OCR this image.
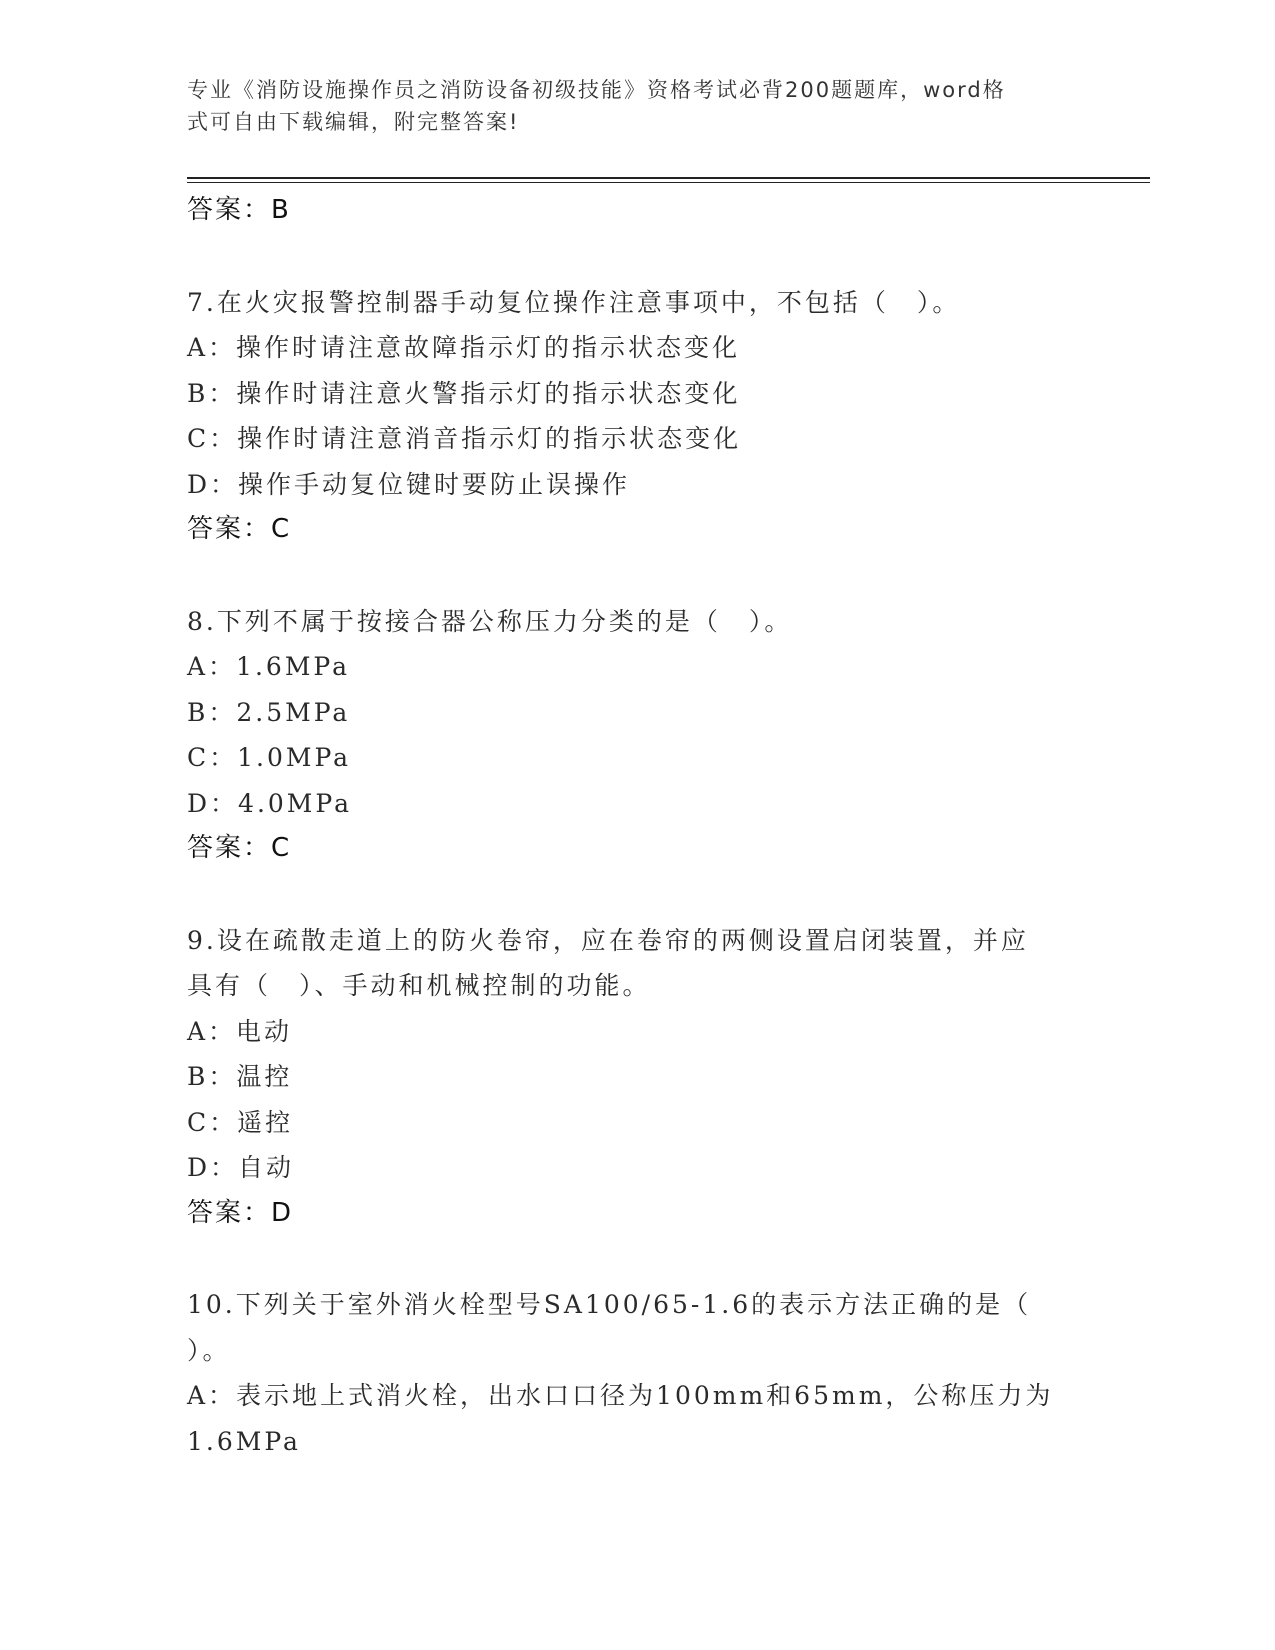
专业《消防设施操作员之消防设备初级技能》资格考试必背200题题库，word格
式可自由下载编辑，附完整答案!
答案：B
7.在火灾报警控制器手动复位操作注意事项中，不包括（　）。
A：操作时请注意故障指示灯的指示状态变化
B：操作时请注意火警指示灯的指示状态变化
C：操作时请注意消音指示灯的指示状态变化
D：操作手动复位键时要防止误操作
答案：C
8.下列不属于按接合器公称压力分类的是（　）。
A：1.6MPa
B：2.5MPa
C：1.0MPa
D：4.0MPa
答案：C
9.设在疏散走道上的防火卷帘，应在卷帘的两侧设置启闭装置，并应
具有（　）、手动和机械控制的功能。
A：电动
B：温控
C：遥控
D：自动
答案：D
10.下列关于室外消火栓型号SA100/65-1.6的表示方法正确的是（
）。
A：表示地上式消火栓，出水口口径为100mm和65mm，公称压力为
1.6MPa
